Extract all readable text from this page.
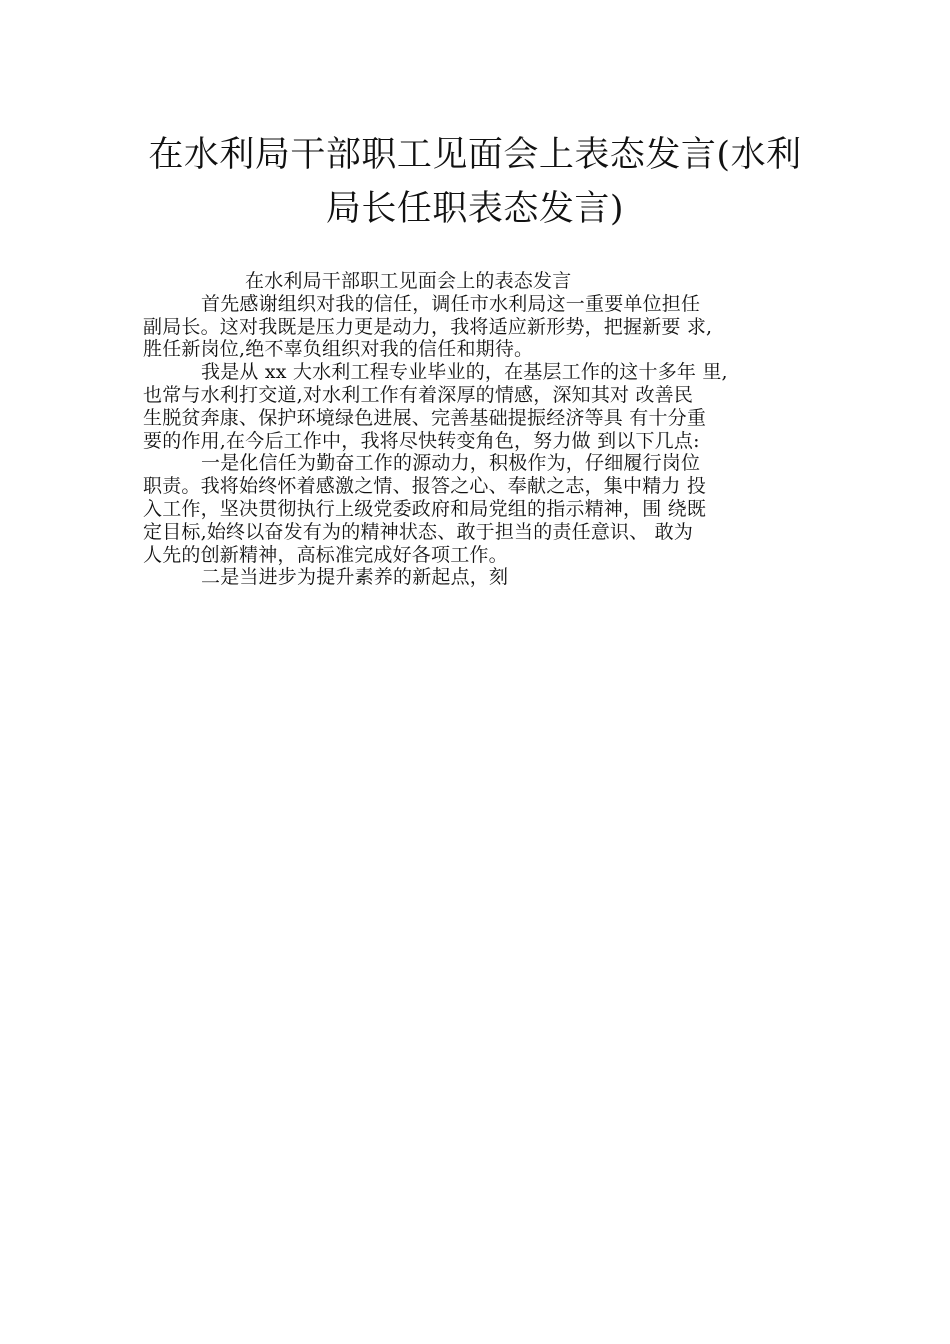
在水利局干部职工见面会上表态发言(水利
局长任职表态发言)
在水利局干部职工见面会上的表态发言
首先感谢组织对我的信任，调任市水利局这一重要单位担任
副局长。这对我既是压力更是动力，我将适应新形势，把握新要 求,
胜任新岗位,绝不辜负组织对我的信任和期待。
我是从 xx 大水利工程专业毕业的，在基层工作的这十多年 里,
也常与水利打交道,对水利工作有着深厚的情感，深知其对 改善民
生脱贫奔康、保护环境绿色进展、完善基础提振经济等具 有十分重
要的作用,在今后工作中，我将尽快转变角色，努力做 到以下几点:
一是化信任为勤奋工作的源动力，积极作为，仔细履行岗位
职责。我将始终怀着感激之情、报答之心、奉献之志，集中精力 投
入工作，坚决贯彻执行上级党委政府和局党组的指示精神，围 绕既
定目标,始终以奋发有为的精神状态、敢于担当的责任意识、 敢为
人先的创新精神，高标准完成好各项工作。
二是当进步为提升素养的新起点，刻
